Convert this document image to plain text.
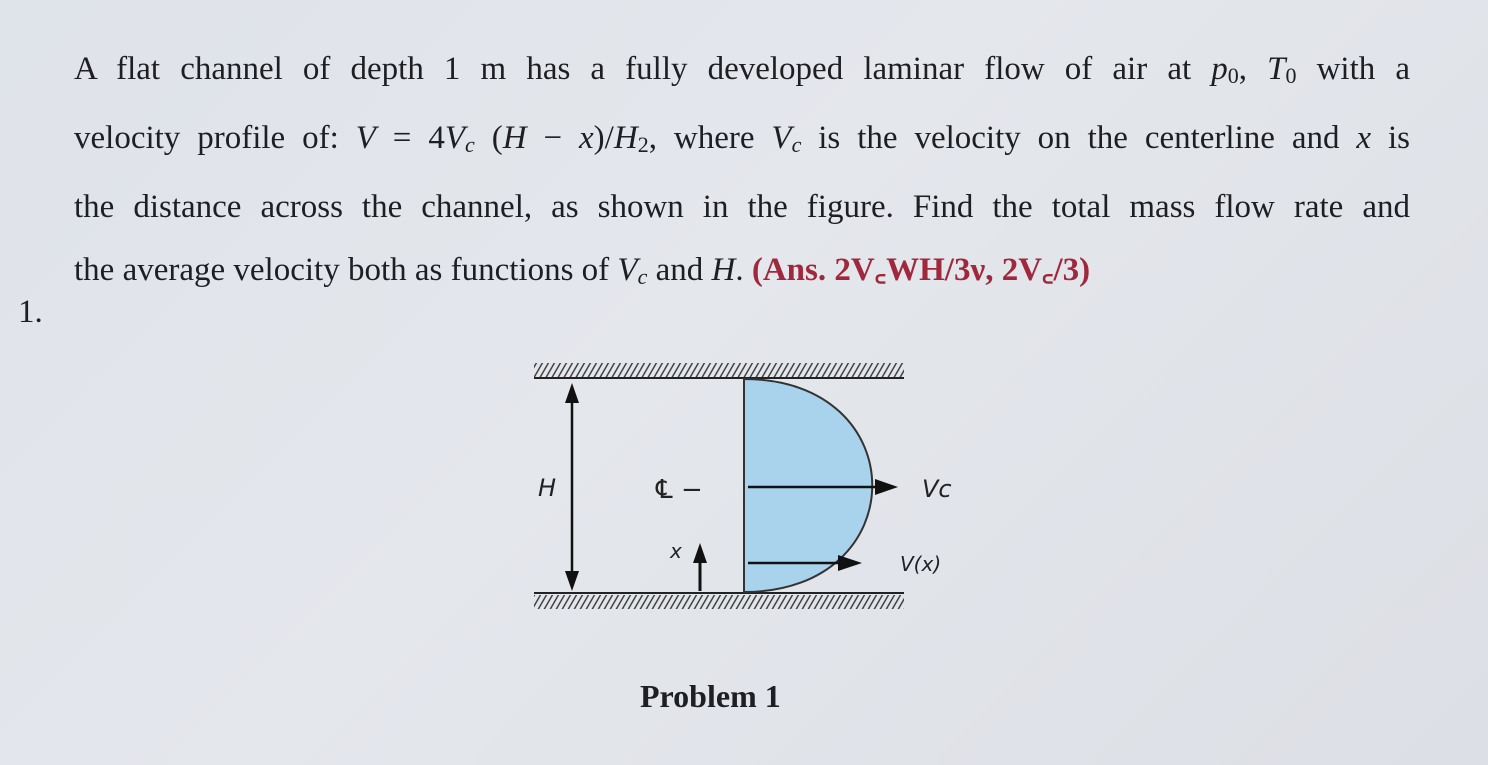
1.
A flat channel of depth 1 m has a fully developed laminar flow of air at p0, T0 with a
velocity profile of: V = 4Vc (H − x)/H2, where Vc is the velocity on the centerline and x is
the distance across the channel, as shown in the figure. Find the total mass flow rate and
the average velocity both as functions of Vc and H. (Ans. 2V꜀WH/3ν, 2V꜀/3)
H	℄ −	Vc
x
V(x)
Problem 1
